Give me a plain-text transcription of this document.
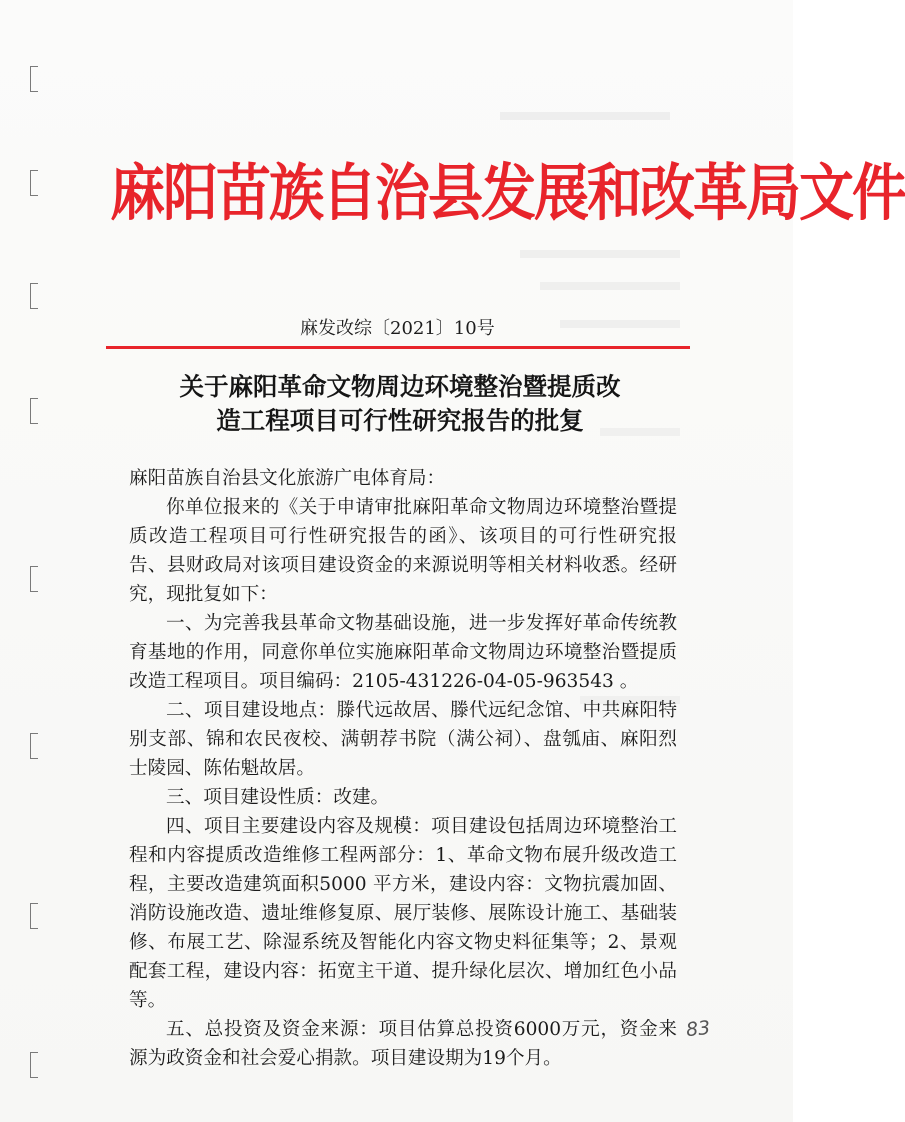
麻阳苗族自治县发展和改革局文件
麻发改综〔2021〕10号
关于麻阳革命文物周边环境整治暨提质改
造工程项目可行性研究报告的批复

麻阳苗族自治县文化旅游广电体育局：

你单位报来的《关于申请审批麻阳革命文物周边环境整治暨提质改造工程项目可行性研究报告的函》、该项目的可行性研究报告、县财政局对该项目建设资金的来源说明等相关材料收悉。经研究，现批复如下：

一、为完善我县革命文物基础设施，进一步发挥好革命传统教育基地的作用，同意你单位实施麻阳革命文物周边环境整治暨提质改造工程项目。项目编码：2105-431226-04-05-963543 。

二、项目建设地点：滕代远故居、滕代远纪念馆、中共麻阳特别支部、锦和农民夜校、满朝荐书院（满公祠）、盘瓠庙、麻阳烈士陵园、陈佑魁故居。

三、项目建设性质：改建。

四、项目主要建设内容及规模：项目建设包括周边环境整治工程和内容提质改造维修工程两部分：1、革命文物布展升级改造工程，主要改造建筑面积5000 平方米，建设内容：文物抗震加固、消防设施改造、遗址维修复原、展厅装修、展陈设计施工、基础装修、布展工艺、除湿系统及智能化内容文物史料征集等；2、景观配套工程，建设内容：拓宽主干道、提升绿化层次、增加红色小品等。

五、总投资及资金来源：项目估算总投资6000万元，资金来源为政资金和社会爱心捐款。项目建设期为19个月。

83
